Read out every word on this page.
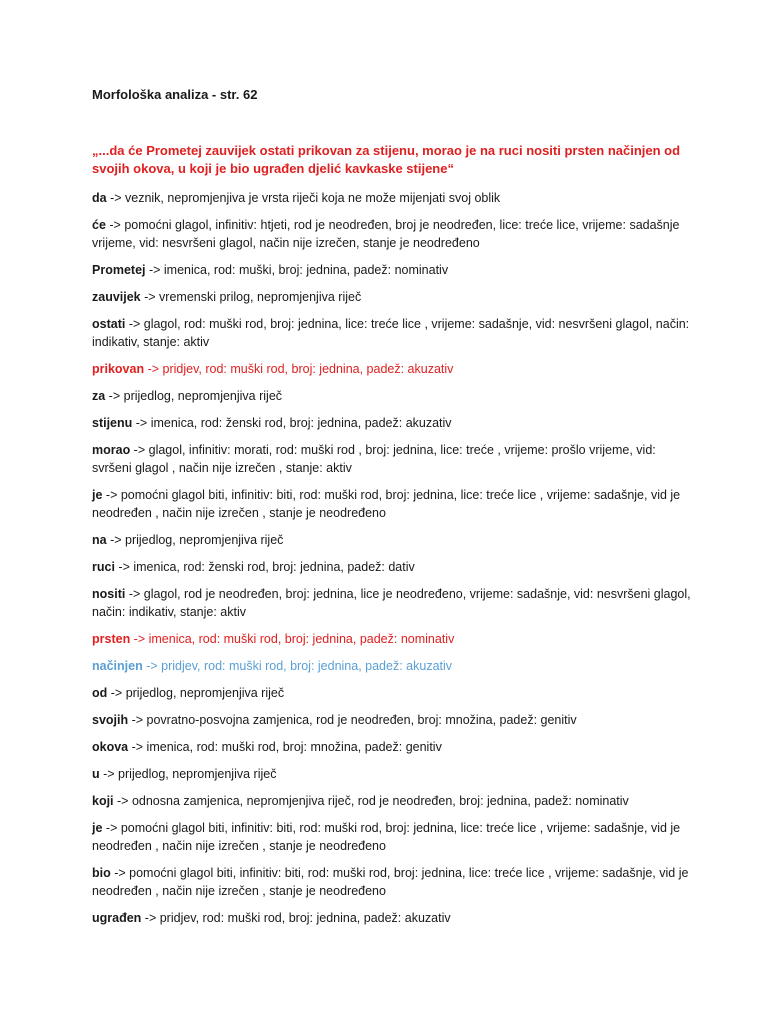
Morfološka analiza - str. 62
„...da će Prometej zauvijek ostati prikovan za stijenu, morao je na ruci nositi prsten načinjen od svojih okova, u koji je bio ugrađen djelić kavkaske stijene“
da -> veznik, nepromjenjiva je vrsta riječi koja ne može mijenjati svoj oblik
će -> pomoćni glagol, infinitiv: htjeti, rod je neodređen, broj je neodređen, lice: treće lice, vrijeme: sadašnje vrijeme, vid: nesvršeni glagol, način nije izrečen, stanje je neodređeno
Prometej -> imenica, rod: muški, broj: jednina, padež: nominativ
zauvijek -> vremenski prilog, nepromjenjiva riječ
ostati -> glagol, rod: muški rod, broj: jednina, lice: treće lice , vrijeme: sadašnje, vid: nesvršeni glagol, način: indikativ, stanje: aktiv
prikovan -> pridjev, rod: muški rod, broj: jednina, padež: akuzativ
za -> prijedlog, nepromjenjiva riječ
stijenu -> imenica, rod: ženski rod, broj: jednina, padež: akuzativ
morao -> glagol, infinitiv: morati, rod: muški rod , broj: jednina, lice: treće , vrijeme: prošlo vrijeme, vid: svršeni glagol , način nije izrečen , stanje: aktiv
je -> pomoćni glagol biti, infinitiv: biti, rod: muški rod, broj: jednina, lice: treće lice , vrijeme: sadašnje, vid je neodređen , način nije izrečen , stanje je neodređeno
na -> prijedlog, nepromjenjiva riječ
ruci -> imenica, rod: ženski rod, broj: jednina, padež: dativ
nositi -> glagol, rod je neodređen, broj: jednina, lice je neodređeno, vrijeme: sadašnje, vid: nesvršeni glagol, način: indikativ, stanje: aktiv
prsten -> imenica, rod: muški rod, broj: jednina, padež: nominativ
načinjen -> pridjev, rod: muški rod, broj: jednina, padež: akuzativ
od -> prijedlog, nepromjenjiva riječ
svojih -> povratno-posvojna zamjenica, rod je neodređen, broj: množina, padež: genitiv
okova -> imenica, rod: muški rod, broj: množina, padež: genitiv
u -> prijedlog, nepromjenjiva riječ
koji -> odnosna zamjenica, nepromjenjiva riječ, rod je neodređen, broj: jednina, padež: nominativ
je -> pomoćni glagol biti, infinitiv: biti, rod: muški rod, broj: jednina, lice: treće lice , vrijeme: sadašnje, vid je neodređen , način nije izrečen , stanje je neodređeno
bio -> pomoćni glagol biti, infinitiv: biti, rod: muški rod, broj: jednina, lice: treće lice , vrijeme: sadašnje, vid je neodređen , način nije izrečen , stanje je neodređeno
ugrađen -> pridjev, rod: muški rod, broj: jednina, padež: akuzativ
